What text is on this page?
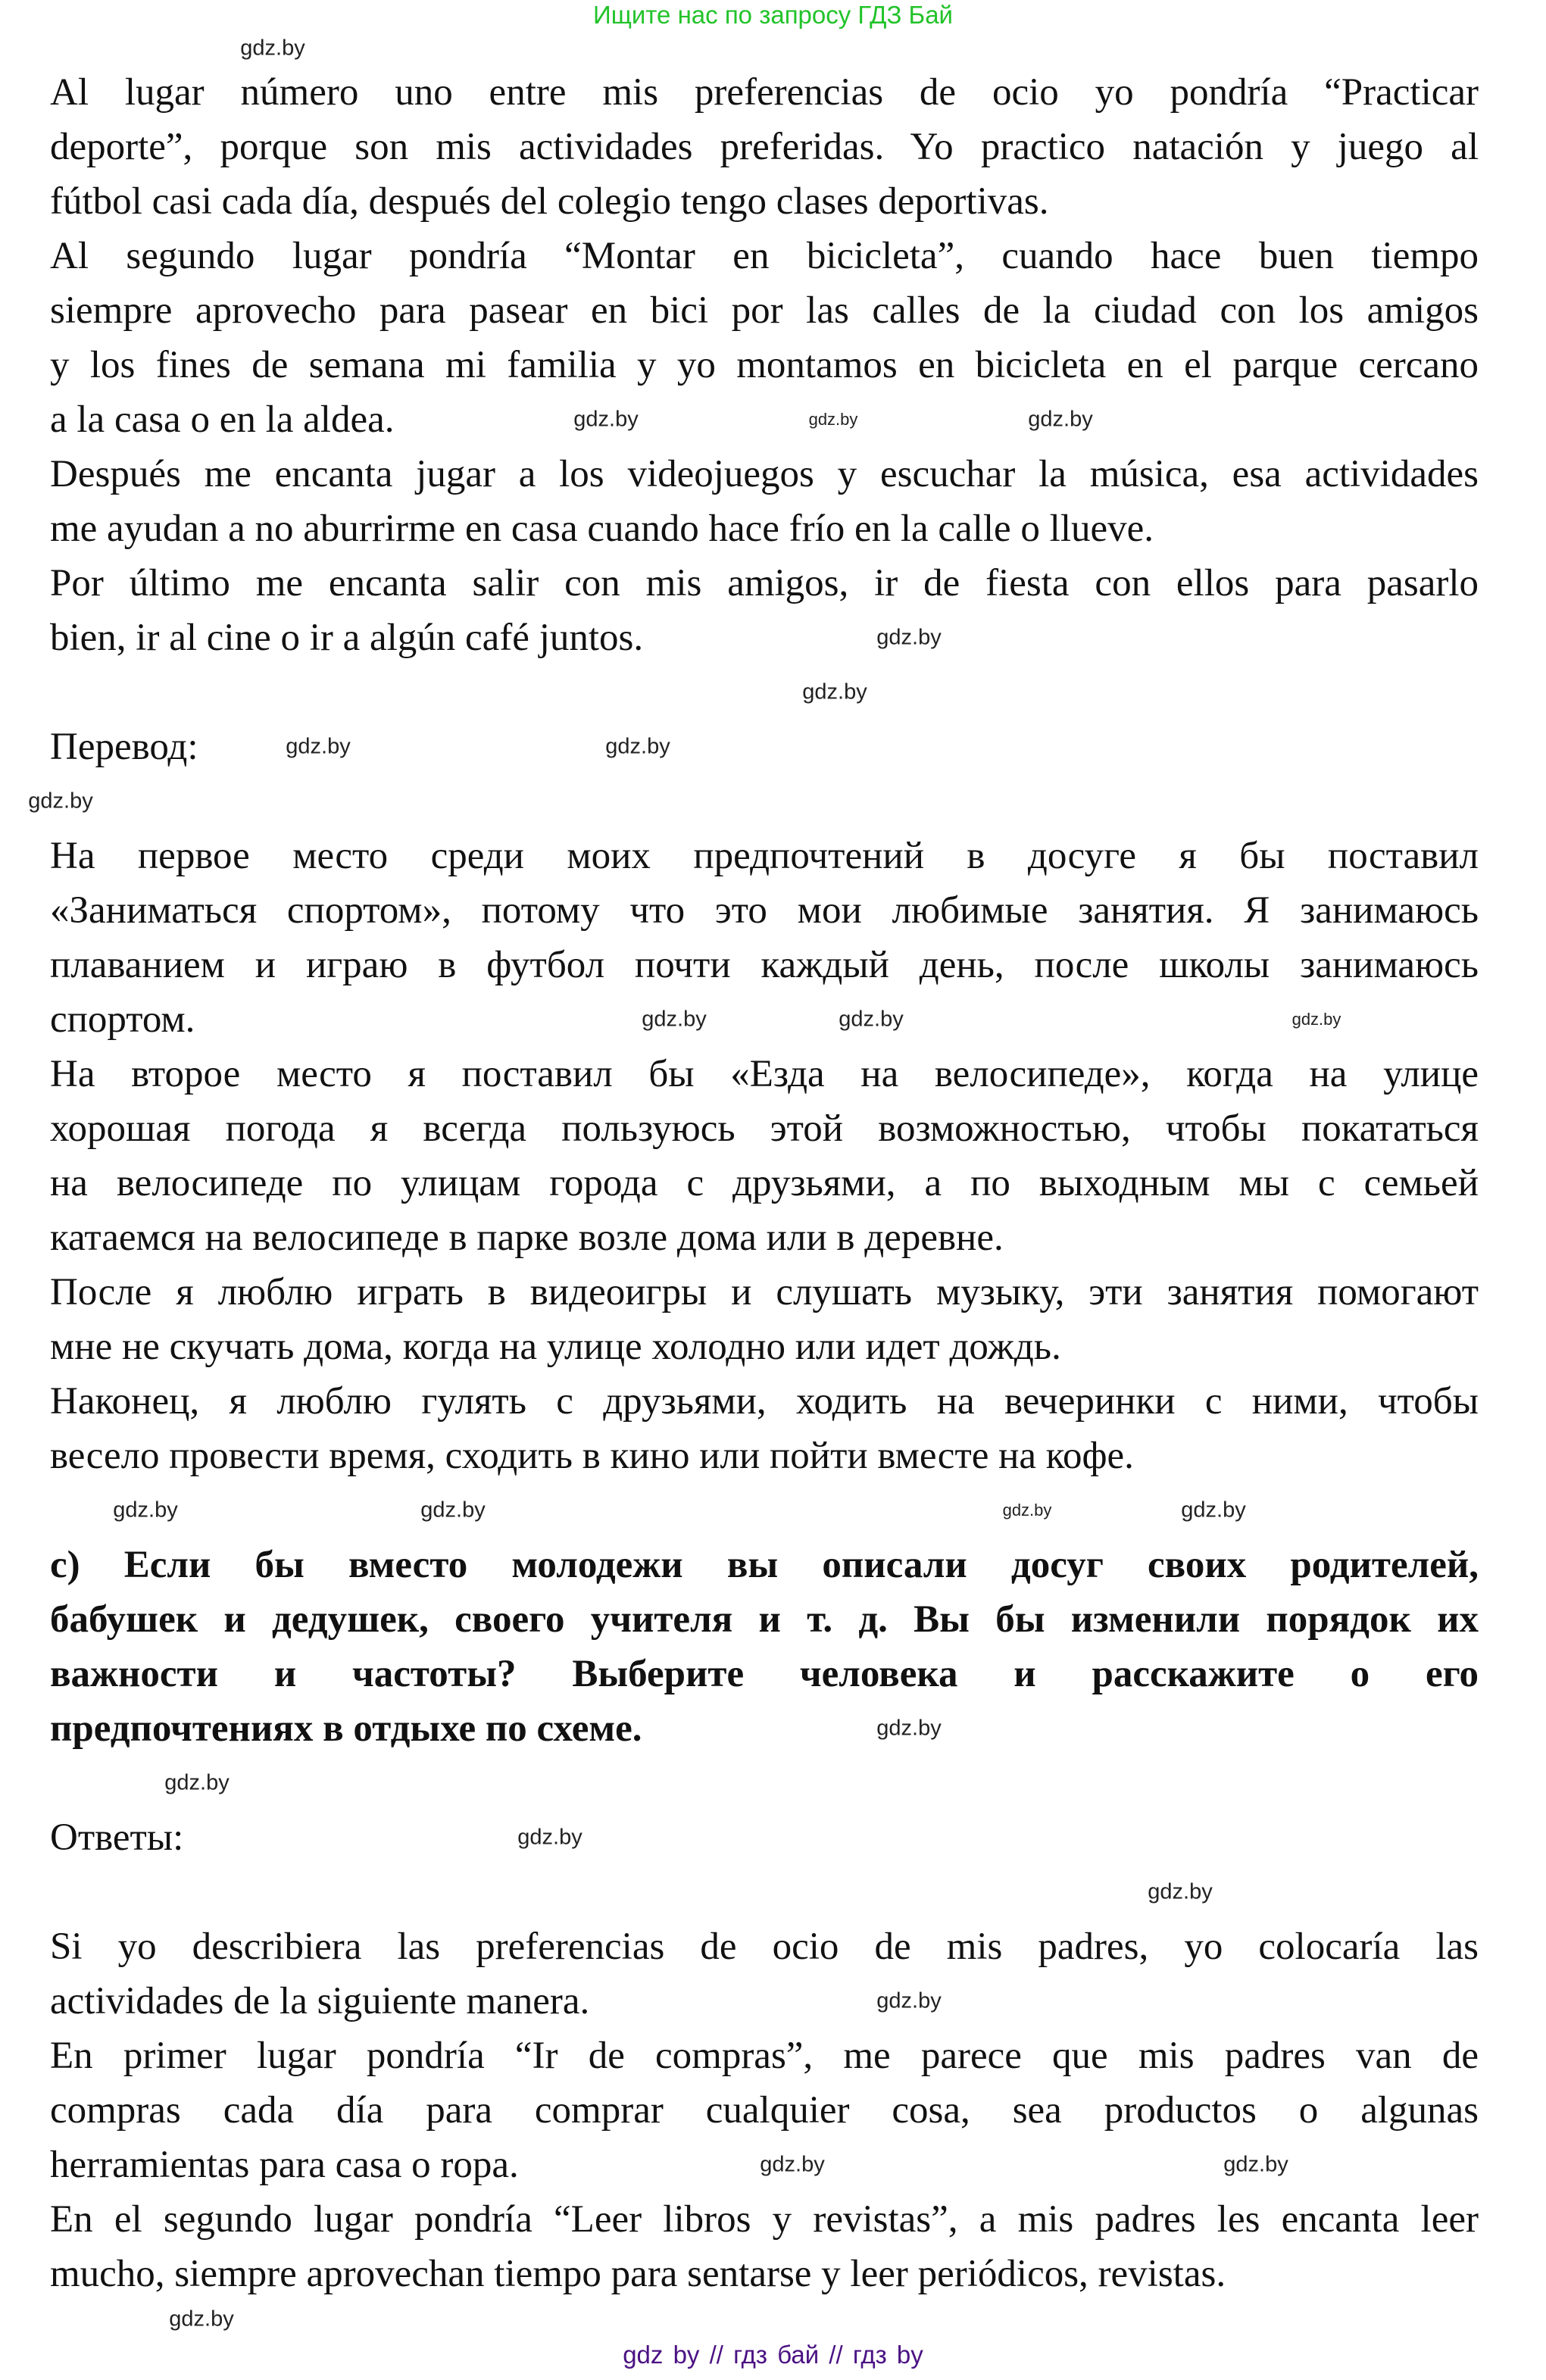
Ищите нас по запросу ГДЗ Бай
Al lugar número uno entre mis preferencias de ocio yo pondría “Practicar
deporte”, porque son mis actividades preferidas. Yo practico natación y juego al
fútbol casi cada día, después del colegio tengo clases deportivas.
Al segundo lugar pondría “Montar en bicicleta”, cuando hace buen tiempo
siempre aprovecho para pasear en bici por las calles de la ciudad con los amigos
y los fines de semana mi familia y yo montamos en bicicleta en el parque cercano
a la casa o en la aldea.
Después me encanta jugar a los videojuegos y escuchar la música, esa actividades
me ayudan a no aburrirme en casa cuando hace frío en la calle o llueve.
Por último me encanta salir con mis amigos, ir de fiesta con ellos para pasarlo
bien, ir al cine o ir a algún café juntos.
Перевод:
На первое место среди моих предпочтений в досуге я бы поставил
«Заниматься спортом», потому что это мои любимые занятия. Я занимаюсь
плаванием и играю в футбол почти каждый день, после школы занимаюсь
спортом.
На второе место я поставил бы «Езда на велосипеде», когда на улице
хорошая погода я всегда пользуюсь этой возможностью, чтобы покататься
на велосипеде по улицам города с друзьями, а по выходным мы с семьей
катаемся на велосипеде в парке возле дома или в деревне.
После я люблю играть в видеоигры и слушать музыку, эти занятия помогают
мне не скучать дома, когда на улице холодно или идет дождь.
Наконец, я люблю гулять с друзьями, ходить на вечеринки с ними, чтобы
весело провести время, сходить в кино или пойти вместе на кофе.
c) Если бы вместо молодежи вы описали досуг своих родителей,
бабушек и дедушек, своего учителя и т. д. Вы бы изменили порядок их
важности и частоты? Выберите человека и расскажите о его
предпочтениях в отдыхе по схеме.
Ответы:
Si yo describiera las preferencias de ocio de mis padres, yo colocaría las
actividades de la siguiente manera.
En primer lugar pondría “Ir de compras”, me parece que mis padres van de
compras cada día para comprar cualquier cosa, sea productos o algunas
herramientas para casa o ropa.
En el segundo lugar pondría “Leer libros y revistas”, a mis padres les encanta leer
mucho, siempre aprovechan tiempo para sentarse y leer periódicos, revistas.
gdz.by
gdz.by	gdz.by
gdz.by
gdz.by
gdz.by
gdz.by	gdz.by
gdz.by
gdz.by	gdz.by	gdz.by
gdz.by
gdz.by
gdz.by	gdz.by
gdz.by
gdz.by
gdz.by
gdz.by
gdz.by
gdz.by
gdz.by
gdz.by
gdz by // гдз бай // гдз by
